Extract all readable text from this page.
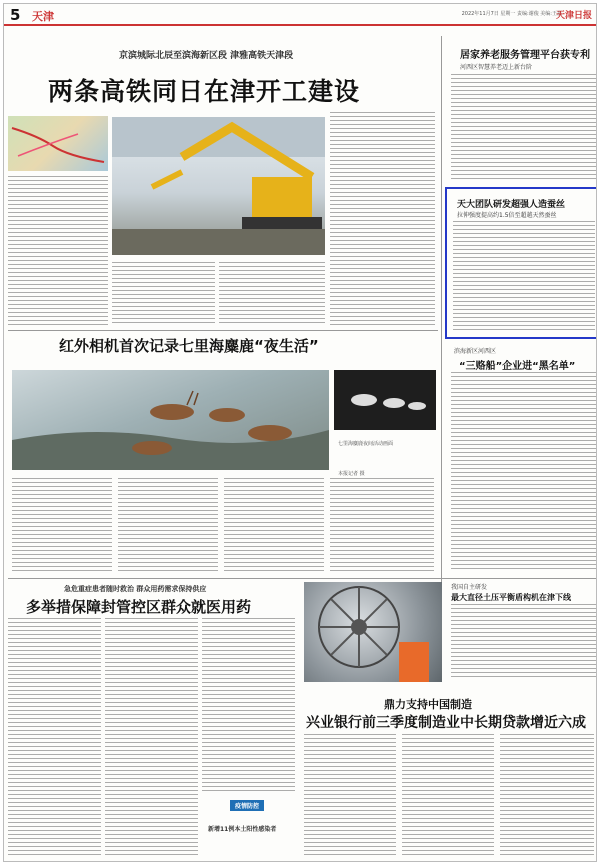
5 天津	2022年11月7日 星期一 责编:谢俊 美编:王磊
天津日报
京滨城际北辰至滨海新区段 津雅高铁天津段
两条高铁同日在津开工建设
居家养老服务管理平台获专利
河西区智慧养老迈上新台阶
天大团队研发超强人造蚕丝
拉伸强度提高约1.5倍至超越天然蚕丝
红外相机首次记录七里海麋鹿“夜生活”
七里海麋鹿夜间活动画面
本报记者 摄
滨海新区河西区
“三赂船”企业进“黑名单”
急危重症患者随时救治 群众用药需求保持供应
多举措保障封管控区群众就医用药
疫情防控
新增11例本土阳性感染者
我国自主研发
最大直径土压平衡盾构机在津下线
鼎力支持中国制造
兴业银行前三季度制造业中长期贷款增近六成
